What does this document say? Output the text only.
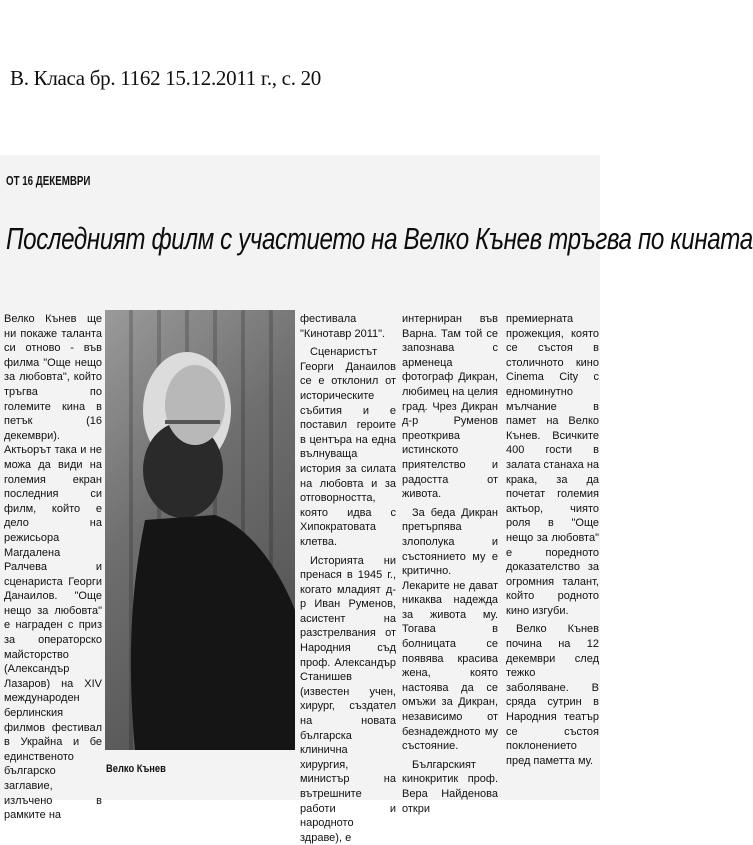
В. Класа бр. 1162 15.12.2011 г., с. 20
ОТ 16 ДЕКЕМВРИ
Последният филм с участието на Велко Кънев тръгва по кината

Велко Кънев ще ни покаже таланта си отново - във филма "Още нещо за любовта", който тръгва по големите кина в петък (16 декември). Актьорът така и не можа да види на големия екран последния си филм, който е дело на режисьора Магдалена Ралчева и сценариста Георги Данаилов. "Още нещо за любовта" е награден с приз за операторско майсторство (Александър Лазаров) на XIV международен берлинския филмов фестивал в Украйна и бе единственото българско заглавие, излъчено в рамките на

Велко Кънев

фестивала "Кинотавр 2011".

Сценаристът Георги Данаилов се е отклонил от историческите събития и е поставил героите в центъра на една вълнуваща история за силата на любовта и за отговорността, която идва с Хипократовата клетва.

Историята ни пренася в 1945 г., когато младият д-р Иван Руменов, асистент на разстрелвания от Народния съд проф. Александър Станишев (известен учен, хирург, създател на новата българска клинична хирургия, министър на вътрешните работи и народното здраве), е

интерниран във Варна. Там той се запознава с арменеца фотограф Дикран, любимец на целия град. Чрез Дикран д-р Руменов преоткрива истинското приятелство и радостта от живота.

За беда Дикран претърпява злополука и състоянието му е критично. Лекарите не дават никаква надежда за живота му. Тогава в болницата се появява красива жена, която настоява да се омъжи за Дикран, независимо от безнадеждното му състояние.

Българският кинокритик проф. Вера Найденова откри

премиерната прожекция, която се състоя в столичното кино Cinema City с едноминутно мълчание в памет на Велко Кънев. Всичките 400 гости в залата станаха на крака, за да почетат големия актьор, чиято роля в "Още нещо за любовта" е поредното доказателство за огромния талант, който родното кино изгуби.

Велко Кънев почина на 12 декември след тежко заболяване. В сряда сутрин в Народния театър се състоя поклонението пред паметта му.
